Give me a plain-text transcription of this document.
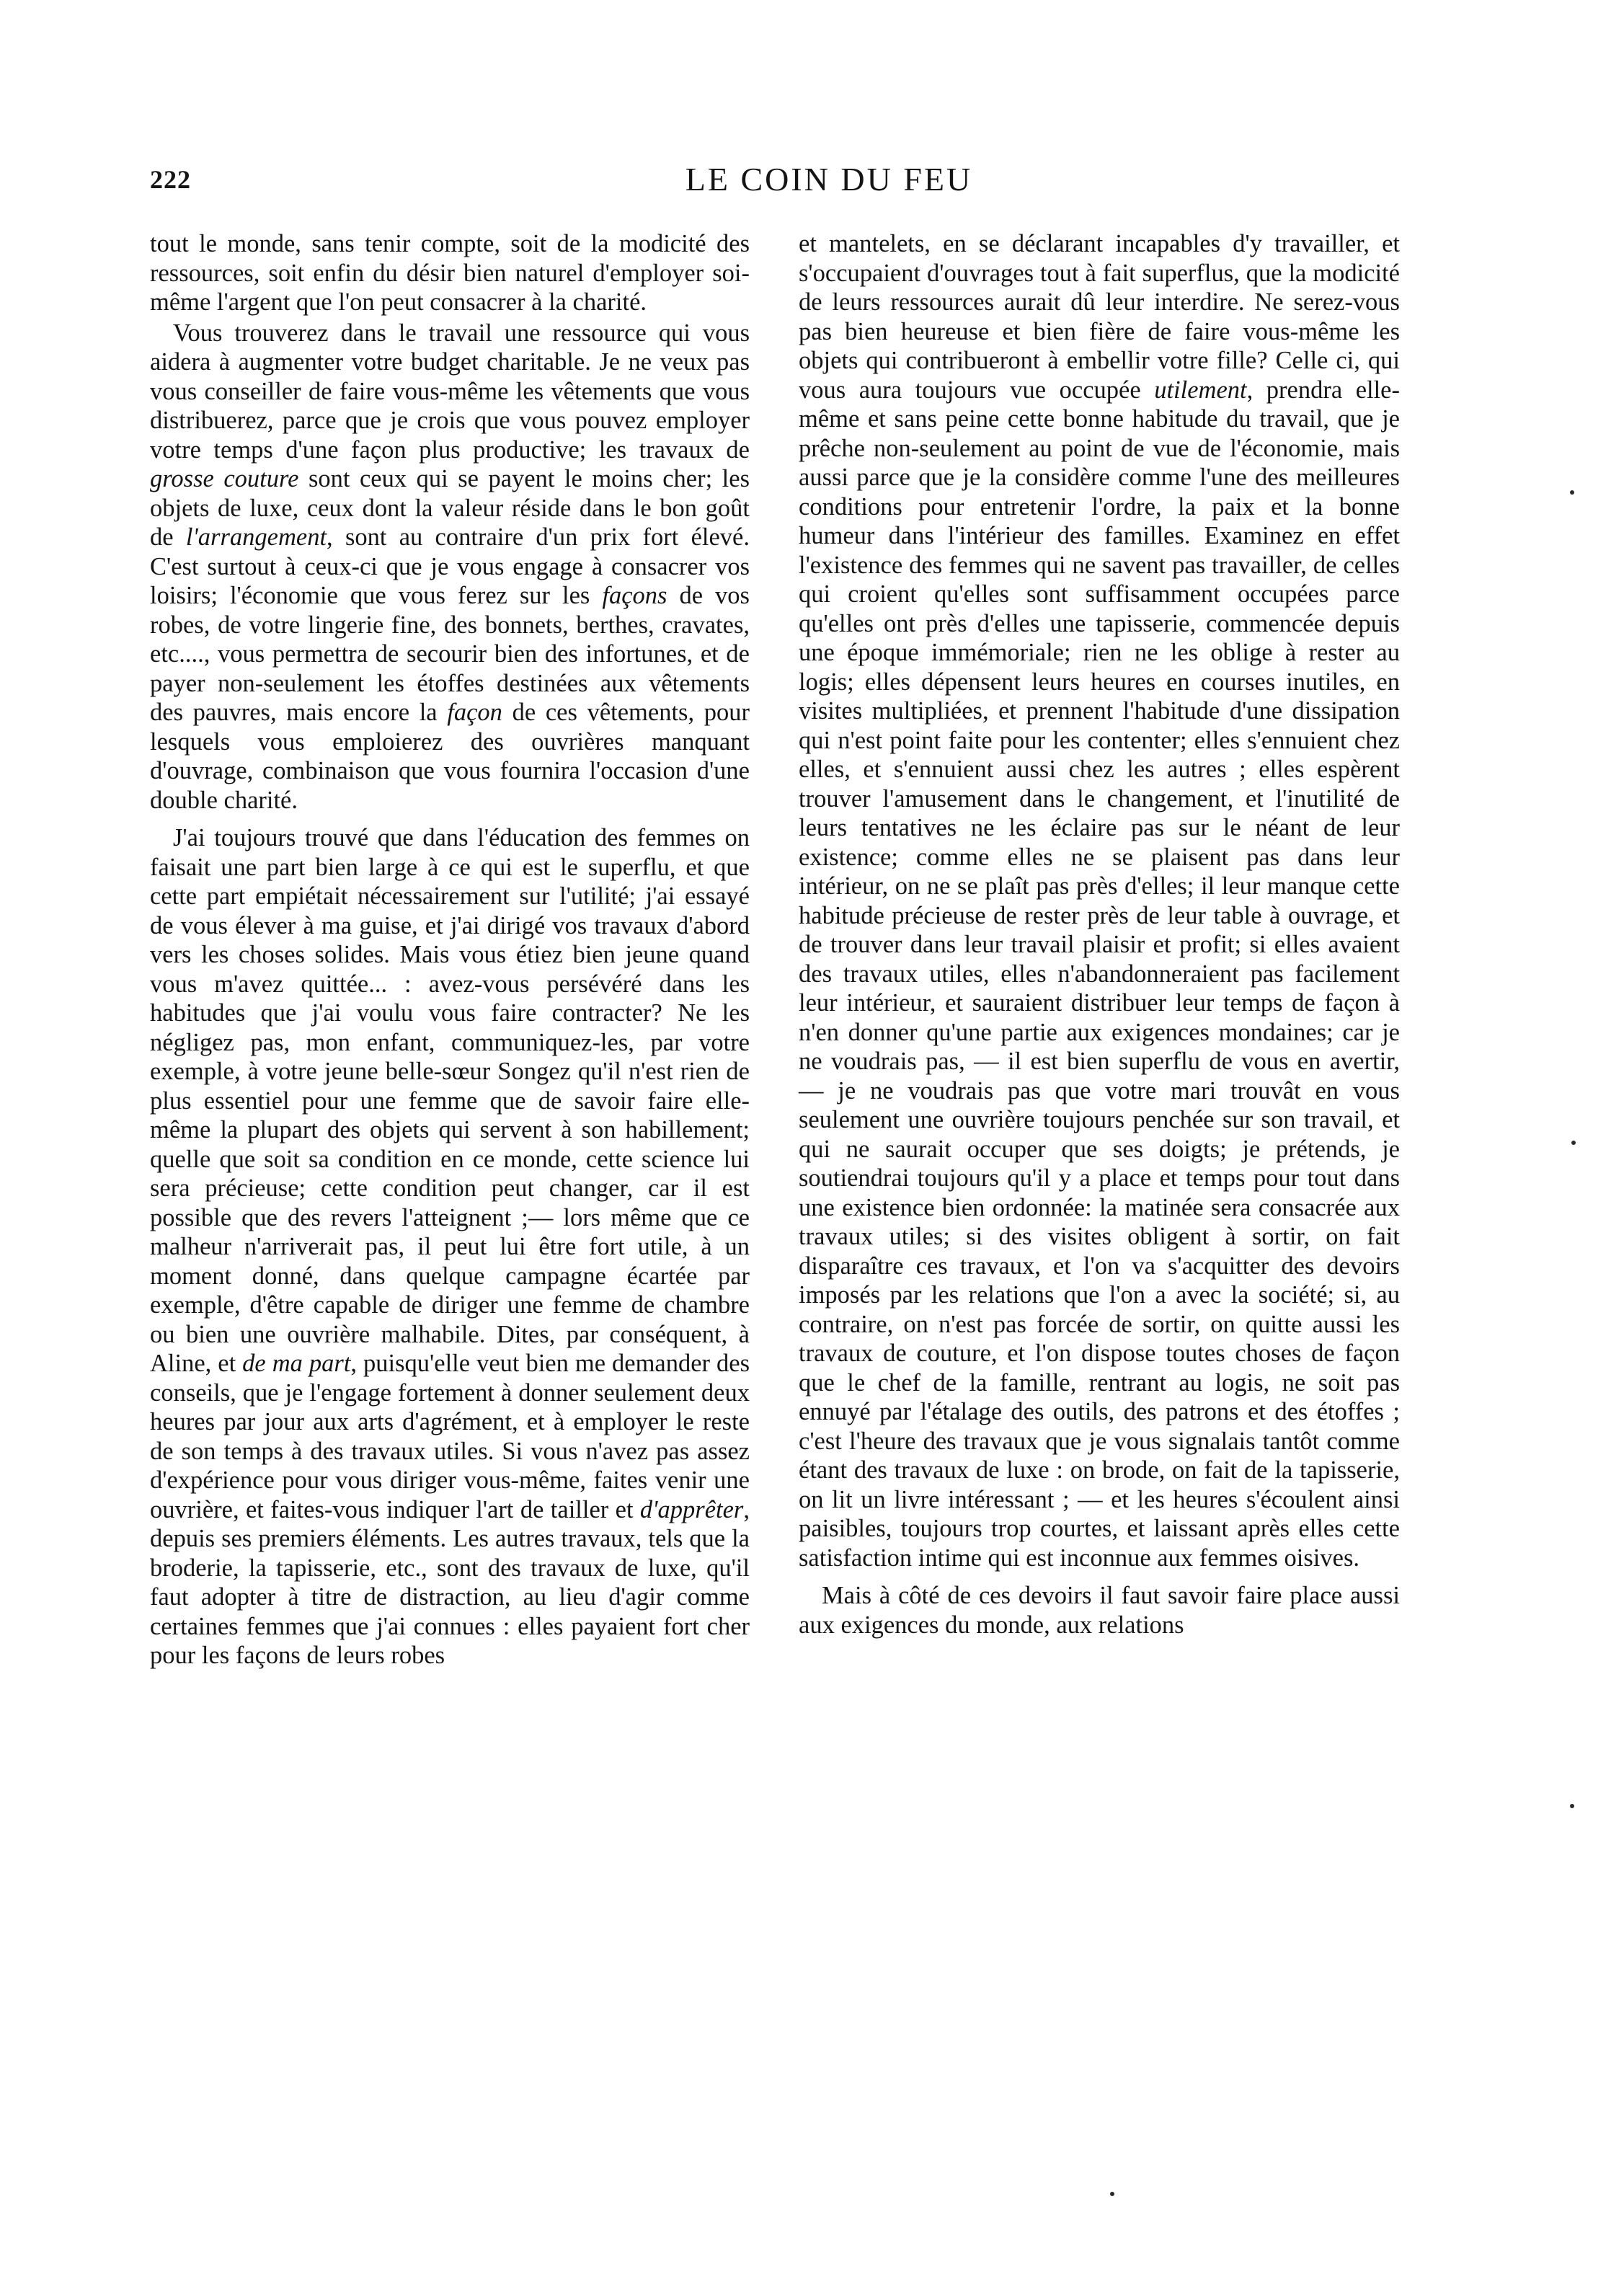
222	LE COIN DU FEU

tout le monde, sans tenir compte, soit de la modicité des ressources, soit enfin du désir bien naturel d'employer soi-même l'argent que l'on peut consacrer à la charité.

Vous trouverez dans le travail une ressource qui vous aidera à augmenter votre budget charitable. Je ne veux pas vous conseiller de faire vous-même les vêtements que vous distribuerez, parce que je crois que vous pouvez employer votre temps d'une façon plus productive; les travaux de grosse couture sont ceux qui se payent le moins cher; les objets de luxe, ceux dont la valeur réside dans le bon goût de l'arrangement, sont au contraire d'un prix fort élevé. C'est surtout à ceux-ci que je vous engage à consacrer vos loisirs; l'économie que vous ferez sur les façons de vos robes, de votre lingerie fine, des bonnets, berthes, cravates, etc...., vous permettra de secourir bien des infortunes, et de payer non-seulement les étoffes destinées aux vêtements des pauvres, mais encore la façon de ces vêtements, pour lesquels vous emploierez des ouvrières manquant d'ouvrage, combinaison que vous fournira l'occasion d'une double charité.

J'ai toujours trouvé que dans l'éducation des femmes on faisait une part bien large à ce qui est le superflu, et que cette part empiétait nécessairement sur l'utilité; j'ai essayé de vous élever à ma guise, et j'ai dirigé vos travaux d'abord vers les choses solides. Mais vous étiez bien jeune quand vous m'avez quittée... : avez-vous persévéré dans les habitudes que j'ai voulu vous faire contracter? Ne les négligez pas, mon enfant, communiquez-les, par votre exemple, à votre jeune belle-sœur Songez qu'il n'est rien de plus essentiel pour une femme que de savoir faire elle-même la plupart des objets qui servent à son habillement; quelle que soit sa condition en ce monde, cette science lui sera précieuse; cette condition peut changer, car il est possible que des revers l'atteignent ;— lors même que ce malheur n'arriverait pas, il peut lui être fort utile, à un moment donné, dans quelque campagne écartée par exemple, d'être capable de diriger une femme de chambre ou bien une ouvrière malhabile. Dites, par conséquent, à Aline, et de ma part, puisqu'elle veut bien me demander des conseils, que je l'engage fortement à donner seulement deux heures par jour aux arts d'agrément, et à employer le reste de son temps à des travaux utiles. Si vous n'avez pas assez d'expérience pour vous diriger vous-même, faites venir une ouvrière, et faites-vous indiquer l'art de tailler et d'apprêter, depuis ses premiers éléments. Les autres travaux, tels que la broderie, la tapisserie, etc., sont des travaux de luxe, qu'il faut adopter à titre de distraction, au lieu d'agir comme certaines femmes que j'ai connues : elles payaient fort cher pour les façons de leurs robes

et mantelets, en se déclarant incapables d'y travailler, et s'occupaient d'ouvrages tout à fait superflus, que la modicité de leurs ressources aurait dû leur interdire. Ne serez-vous pas bien heureuse et bien fière de faire vous-même les objets qui contribueront à embellir votre fille? Celle ci, qui vous aura toujours vue occupée utilement, prendra elle-même et sans peine cette bonne habitude du travail, que je prêche non-seulement au point de vue de l'économie, mais aussi parce que je la considère comme l'une des meilleures conditions pour entretenir l'ordre, la paix et la bonne humeur dans l'intérieur des familles. Examinez en effet l'existence des femmes qui ne savent pas travailler, de celles qui croient qu'elles sont suffisamment occupées parce qu'elles ont près d'elles une tapisserie, commencée depuis une époque immémoriale; rien ne les oblige à rester au logis; elles dépensent leurs heures en courses inutiles, en visites multipliées, et prennent l'habitude d'une dissipation qui n'est point faite pour les contenter; elles s'ennuient chez elles, et s'ennuient aussi chez les autres ; elles espèrent trouver l'amusement dans le changement, et l'inutilité de leurs tentatives ne les éclaire pas sur le néant de leur existence; comme elles ne se plaisent pas dans leur intérieur, on ne se plaît pas près d'elles; il leur manque cette habitude précieuse de rester près de leur table à ouvrage, et de trouver dans leur travail plaisir et profit; si elles avaient des travaux utiles, elles n'abandonneraient pas facilement leur intérieur, et sauraient distribuer leur temps de façon à n'en donner qu'une partie aux exigences mondaines; car je ne voudrais pas, — il est bien superflu de vous en avertir, — je ne voudrais pas que votre mari trouvât en vous seulement une ouvrière toujours penchée sur son travail, et qui ne saurait occuper que ses doigts; je prétends, je soutiendrai toujours qu'il y a place et temps pour tout dans une existence bien ordonnée: la matinée sera consacrée aux travaux utiles; si des visites obligent à sortir, on fait disparaître ces travaux, et l'on va s'acquitter des devoirs imposés par les relations que l'on a avec la société; si, au contraire, on n'est pas forcée de sortir, on quitte aussi les travaux de couture, et l'on dispose toutes choses de façon que le chef de la famille, rentrant au logis, ne soit pas ennuyé par l'étalage des outils, des patrons et des étoffes ; c'est l'heure des travaux que je vous signalais tantôt comme étant des travaux de luxe : on brode, on fait de la tapisserie, on lit un livre intéressant ; — et les heures s'écoulent ainsi paisibles, toujours trop courtes, et laissant après elles cette satisfaction intime qui est inconnue aux femmes oisives.

Mais à côté de ces devoirs il faut savoir faire place aussi aux exigences du monde, aux relations
